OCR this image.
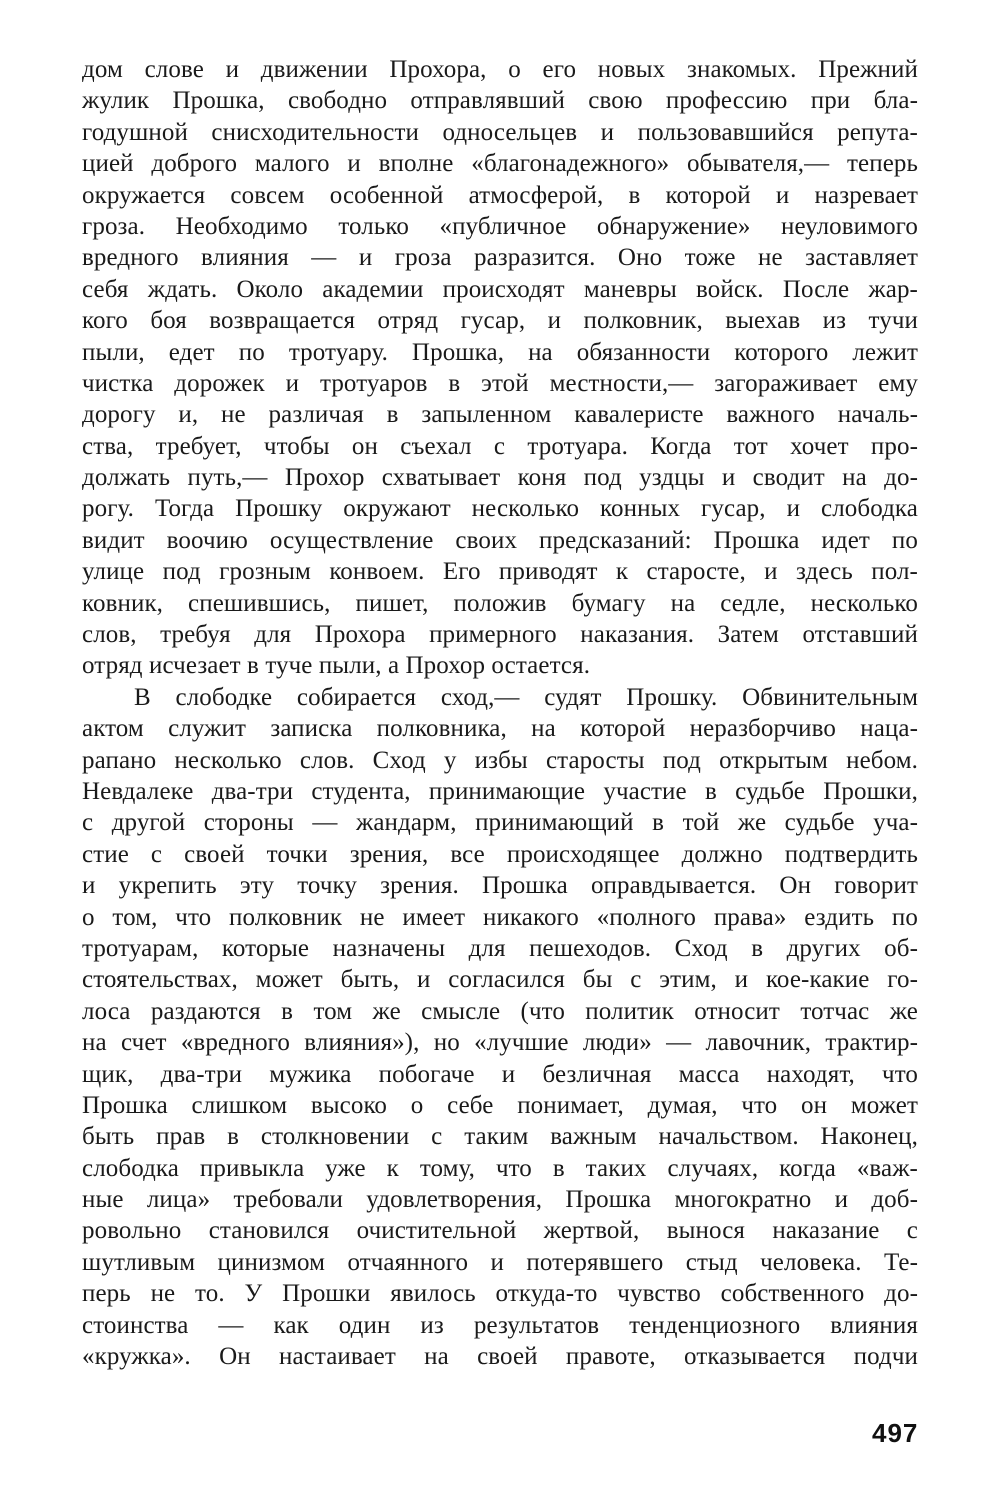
дом слове и движении Прохора, о его новых знакомых. Прежний
жулик Прошка, свободно отправлявший свою профессию при бла-
годушной снисходительности односельцев и пользовавшийся репута-
цией доброго малого и вполне «благонадежного» обывателя,— теперь
окружается совсем особенной атмосферой, в которой и назревает
гроза. Необходимо только «публичное обнаружение» неуловимого
вредного влияния — и гроза разразится. Оно тоже не заставляет
себя ждать. Около академии происходят маневры войск. После жар-
кого боя возвращается отряд гусар, и полковник, выехав из тучи
пыли, едет по тротуару. Прошка, на обязанности которого лежит
чистка дорожек и тротуаров в этой местности,— загораживает ему
дорогу и, не различая в запыленном кавалеристе важного началь-
ства, требует, чтобы он съехал с тротуара. Когда тот хочет про-
должать путь,— Прохор схватывает коня под уздцы и сводит на до-
рогу. Тогда Прошку окружают несколько конных гусар, и слободка
видит воочию осуществление своих предсказаний: Прошка идет по
улице под грозным конвоем. Его приводят к старосте, и здесь пол-
ковник, спешившись, пишет, положив бумагу на седле, несколько
слов, требуя для Прохора примерного наказания. Затем отставший
отряд исчезает в туче пыли, а Прохор остается.
В слободке собирается сход,— судят Прошку. Обвинительным
актом служит записка полковника, на которой неразборчиво наца-
рапано несколько слов. Сход у избы старосты под открытым небом.
Невдалеке два-три студента, принимающие участие в судьбе Прошки,
с другой стороны — жандарм, принимающий в той же судьбе уча-
стие с своей точки зрения, все происходящее должно подтвердить
и укрепить эту точку зрения. Прошка оправдывается. Он говорит
о том, что полковник не имеет никакого «полного права» ездить по
тротуарам, которые назначены для пешеходов. Сход в других об-
стоятельствах, может быть, и согласился бы с этим, и кое-какие го-
лоса раздаются в том же смысле (что политик относит тотчас же
на счет «вредного влияния»), но «лучшие люди» — лавочник, трактир-
щик, два-три мужика побогаче и безличная масса находят, что
Прошка слишком высоко о себе понимает, думая, что он может
быть прав в столкновении с таким важным начальством. Наконец,
слободка привыкла уже к тому, что в таких случаях, когда «важ-
ные лица» требовали удовлетворения, Прошка многократно и доб-
ровольно становился очистительной жертвой, вынося наказание с
шутливым цинизмом отчаянного и потерявшего стыд человека. Те-
перь не то. У Прошки явилось откуда-то чувство собственного до-
стоинства — как один из результатов тенденциозного влияния
«кружка». Он настаивает на своей правоте, отказывается подчи
497
